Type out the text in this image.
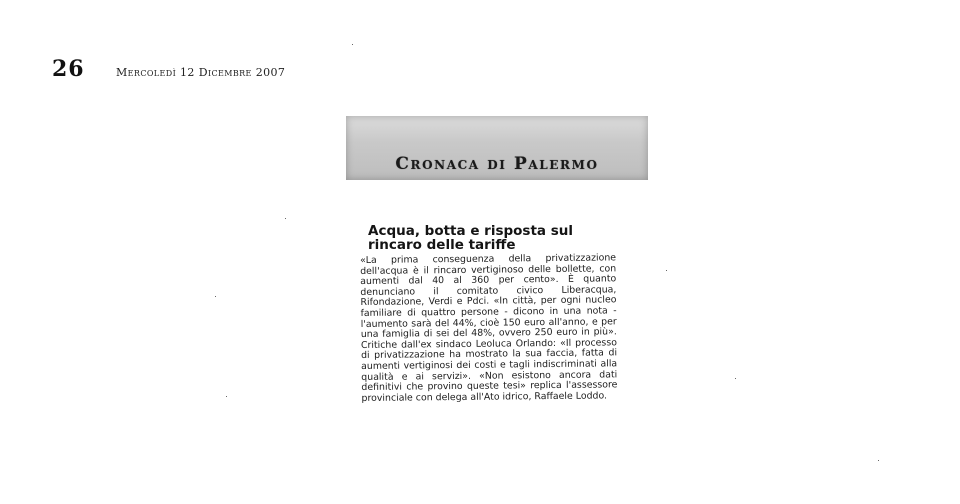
26	Mercoledì 12 Dicembre 2007
Cronaca di Palermo
Acqua, botta e risposta sul rincaro delle tariffe

«La prima conseguenza della privatizzazione dell'acqua è il rincaro vertiginoso delle bollette, con aumenti dal 40 al 360 per cento». È quanto denunciano il comitato civico Liberacqua, Rifondazione, Verdi e Pdci. «In città, per ogni nucleo familiare di quattro persone - dicono in una nota - l'aumento sarà del 44%, cioè 150 euro all'anno, e per una famiglia di sei del 48%, ovvero 250 euro in più». Critiche dall'ex sindaco Leoluca Orlando: «Il processo di privatizzazione ha mostrato la sua faccia, fatta di aumenti vertiginosi dei costi e tagli indiscriminati alla qualità e ai servizi». «Non esistono ancora dati definitivi che provino queste tesi» replica l'assessore provinciale con delega all'Ato idrico, Raffaele Loddo.
